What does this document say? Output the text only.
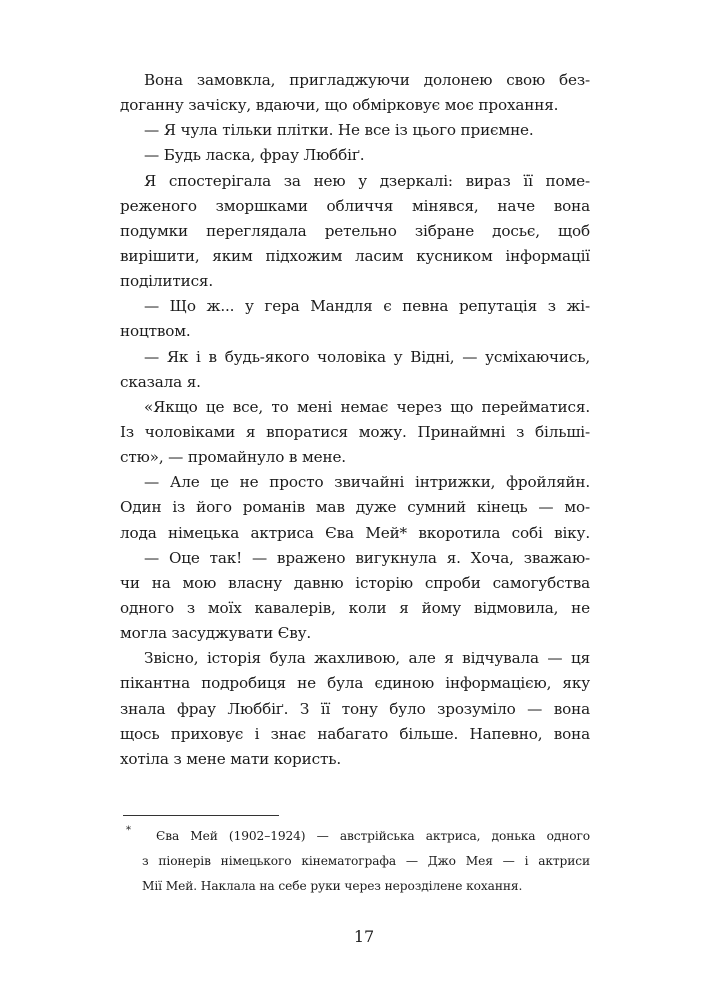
Вона замовкла, пригладжуючи долонею свою без-
доганну зачіску, вдаючи, що обмірковує моє прохання.
— Я чула тільки плітки. Не все із цього приємне.
— Будь ласка, фрау Люббіґ.
Я спостерігала за нею у дзеркалі: вираз її поме-
реженого зморшками обличчя мінявся, наче вона
подумки переглядала ретельно зібране досьє, щоб
вирішити, яким підхожим ласим кусником інформації
поділитися.
— Що ж... у гера Мандля є певна репутація з жі-
ноцтвом.
— Як і в будь-якого чоловіка у Відні, — усміхаючись,
сказала я.
«Якщо це все, то мені немає через що перейматися.
Із чоловіками я впоратися можу. Принаймні з більші-
стю», — промайнуло в мене.
— Але це не просто звичайні інтрижки, фройляйн.
Один із його романів мав дуже сумний кінець — мо-
лода німецька актриса Єва Мей* вкоротила собі віку.
— Оце так! — вражено вигукнула я. Хоча, зважаю-
чи на мою власну давню історію спроби самогубства
одного з моїх кавалерів, коли я йому відмовила, не
могла засуджувати Єву.
Звісно, історія була жахливою, але я відчувала — ця
пікантна подробиця не була єдиною інформацією, яку
знала фрау Люббіґ. З її тону було зрозуміло — вона
щось приховує і знає набагато більше. Напевно, вона
хотіла з мене мати користь.
*	Єва Мей (1902–1924) — австрійська актриса, донька одного
з піонерів німецького кінематографа — Джо Мея — і актриси
Мії Мей. Наклала на себе руки через нерозділене кохання.
17
